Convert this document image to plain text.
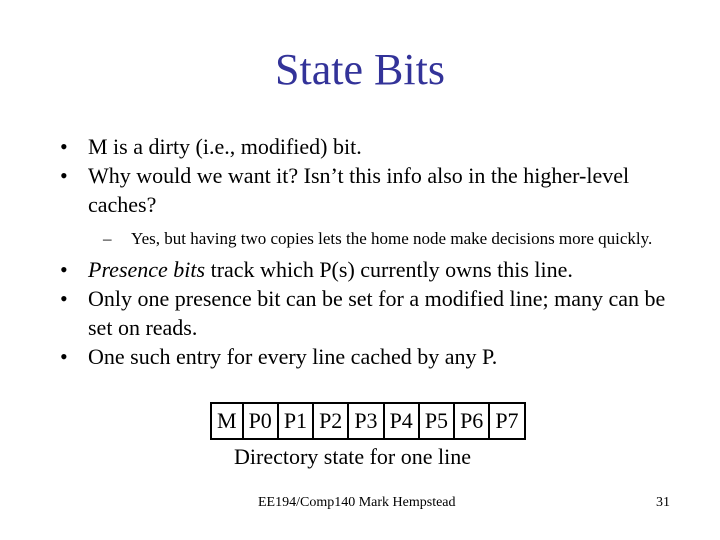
State Bits
• M is a dirty (i.e., modified) bit.
• Why would we want it? Isn’t this info also in the higher-level caches?
–	Yes, but having two copies lets the home node make decisions more quickly.
• Presence bits track which P(s) currently owns this line.
• Only one presence bit can be set for a modified line; many can be set on reads.
• One such entry for every line cached by any P.
M P0 P1 P2 P3 P4 P5 P6 P7
Directory state for one line
EE194/Comp140 Mark Hempstead	31
